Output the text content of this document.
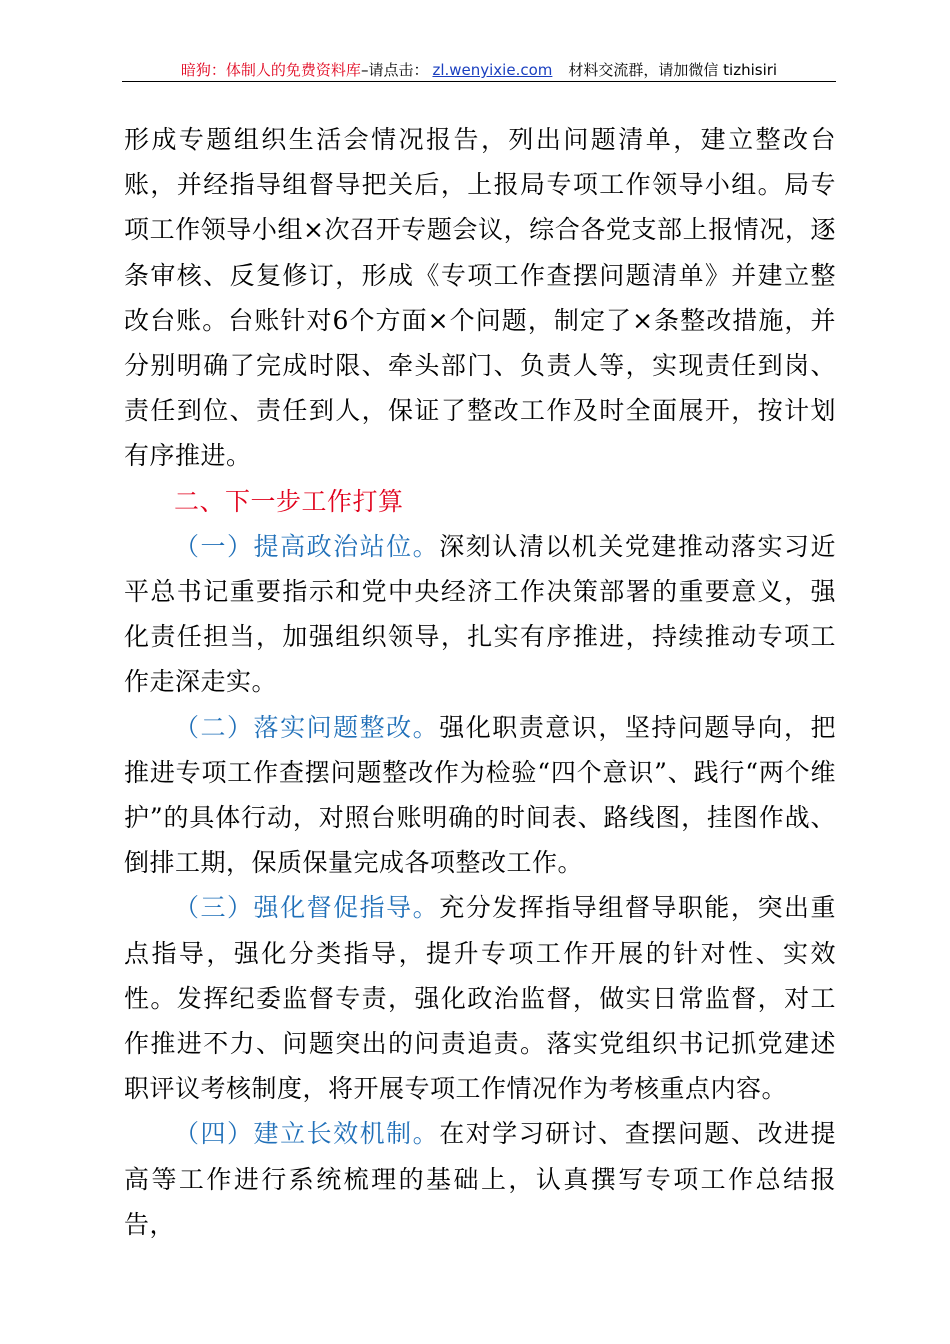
暗狗：体制人的免费资料库–请点击： zl.wenyixie.com 材料交流群，请加微信 tizhisiri

形成专题组织生活会情况报告，列出问题清单，建立整改台账，并经指导组督导把关后，上报局专项工作领导小组。局专项工作领导小组×次召开专题会议，综合各党支部上报情况，逐条审核、反复修订，形成《专项工作查摆问题清单》并建立整改台账。台账针对6个方面×个问题，制定了×条整改措施，并分别明确了完成时限、牵头部门、负责人等，实现责任到岗、责任到位、责任到人，保证了整改工作及时全面展开，按计划有序推进。

二、下一步工作打算

（一）提高政治站位。深刻认清以机关党建推动落实习近平总书记重要指示和党中央经济工作决策部署的重要意义，强化责任担当，加强组织领导，扎实有序推进，持续推动专项工作走深走实。

（二）落实问题整改。强化职责意识，坚持问题导向，把推进专项工作查摆问题整改作为检验“四个意识”、践行“两个维护”的具体行动，对照台账明确的时间表、路线图，挂图作战、倒排工期，保质保量完成各项整改工作。

（三）强化督促指导。充分发挥指导组督导职能，突出重点指导，强化分类指导，提升专项工作开展的针对性、实效性。发挥纪委监督专责，强化政治监督，做实日常监督，对工作推进不力、问题突出的问责追责。落实党组织书记抓党建述职评议考核制度，将开展专项工作情况作为考核重点内容。

（四）建立长效机制。在对学习研讨、查摆问题、改进提高等工作进行系统梳理的基础上，认真撰写专项工作总结报告，
